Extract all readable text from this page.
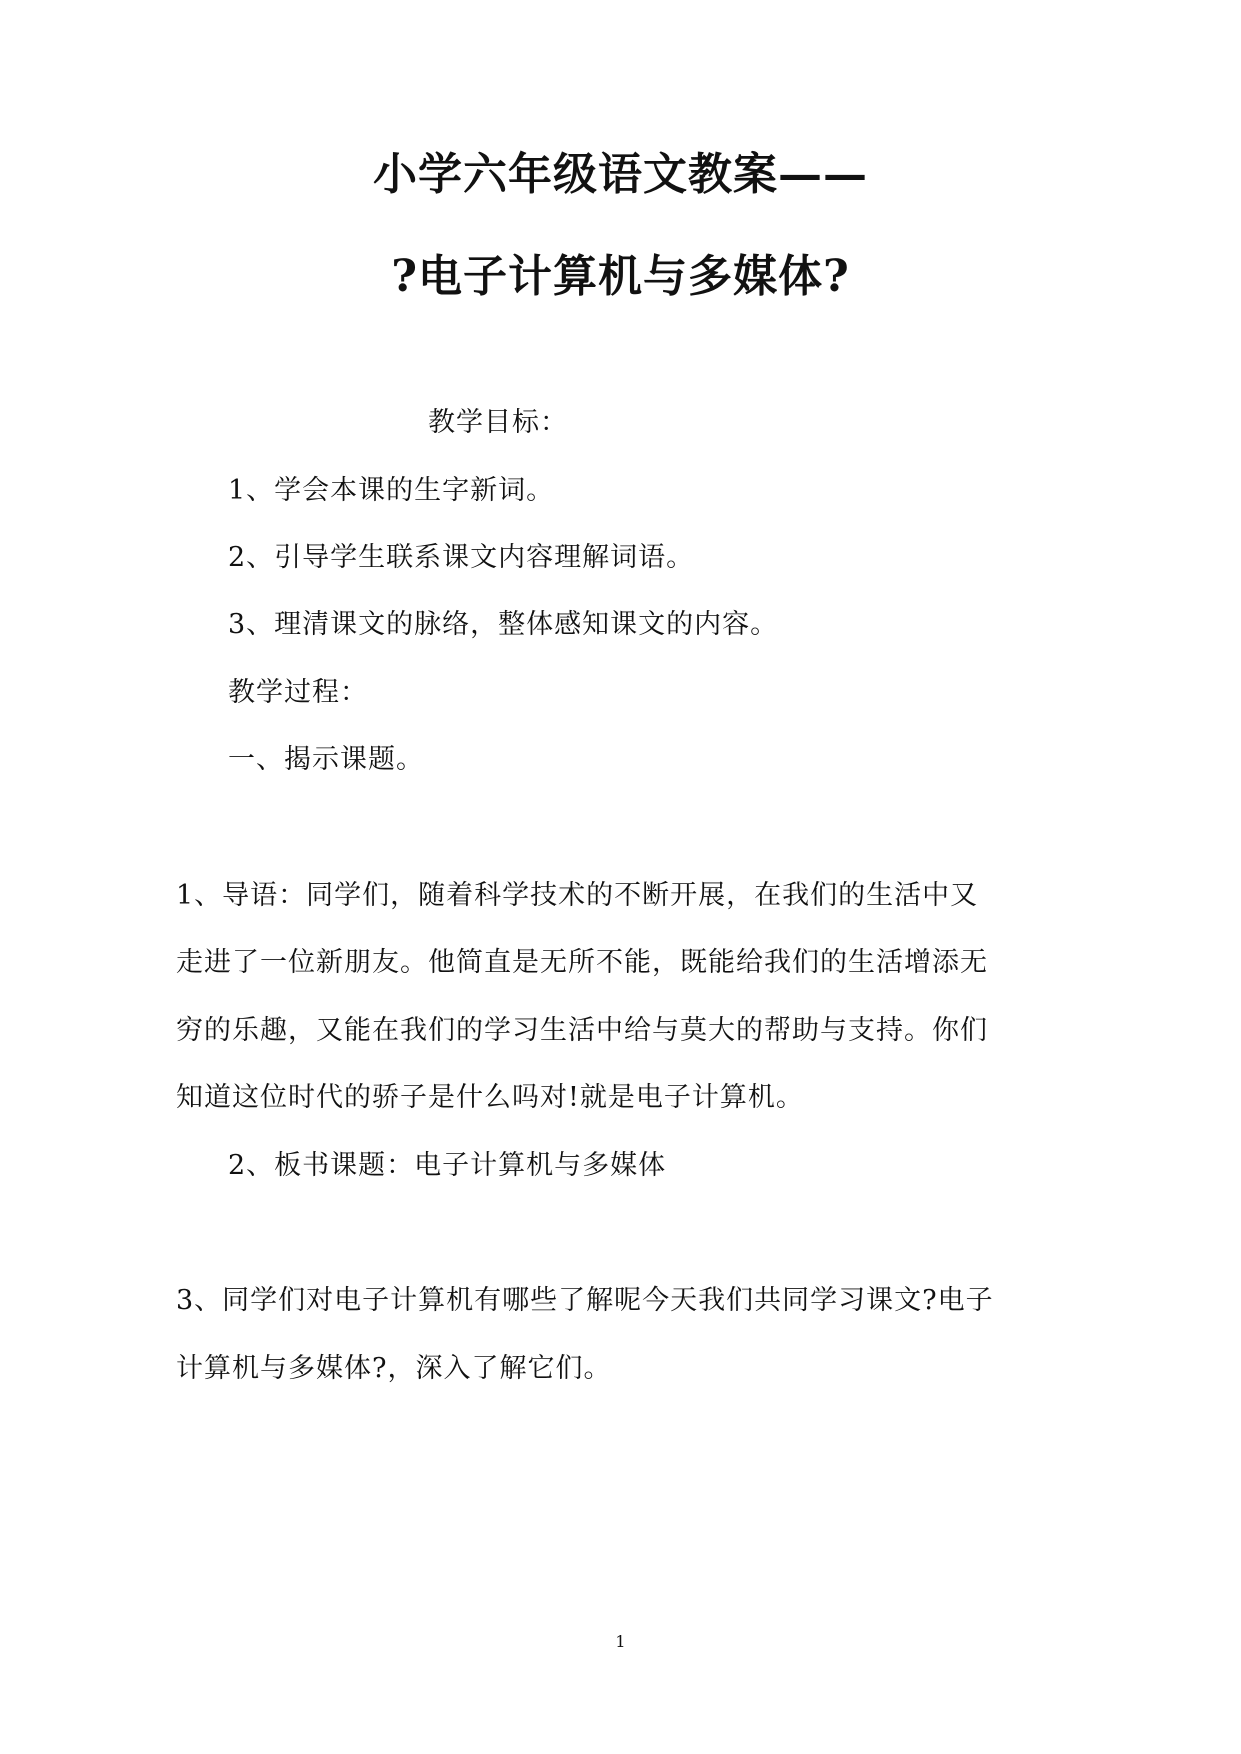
小学六年级语文教案——
?电子计算机与多媒体?
教学目标：
1、学会本课的生字新词。
2、引导学生联系课文内容理解词语。
3、理清课文的脉络，整体感知课文的内容。
教学过程：
一、揭示课题。
1、导语：同学们，随着科学技术的不断开展，在我们的生活中又
走进了一位新朋友。他简直是无所不能，既能给我们的生活增添无
穷的乐趣，又能在我们的学习生活中给与莫大的帮助与支持。你们
知道这位时代的骄子是什么吗对!就是电子计算机。
2、板书课题：电子计算机与多媒体
3、同学们对电子计算机有哪些了解呢今天我们共同学习课文?电子
计算机与多媒体?，深入了解它们。
1
